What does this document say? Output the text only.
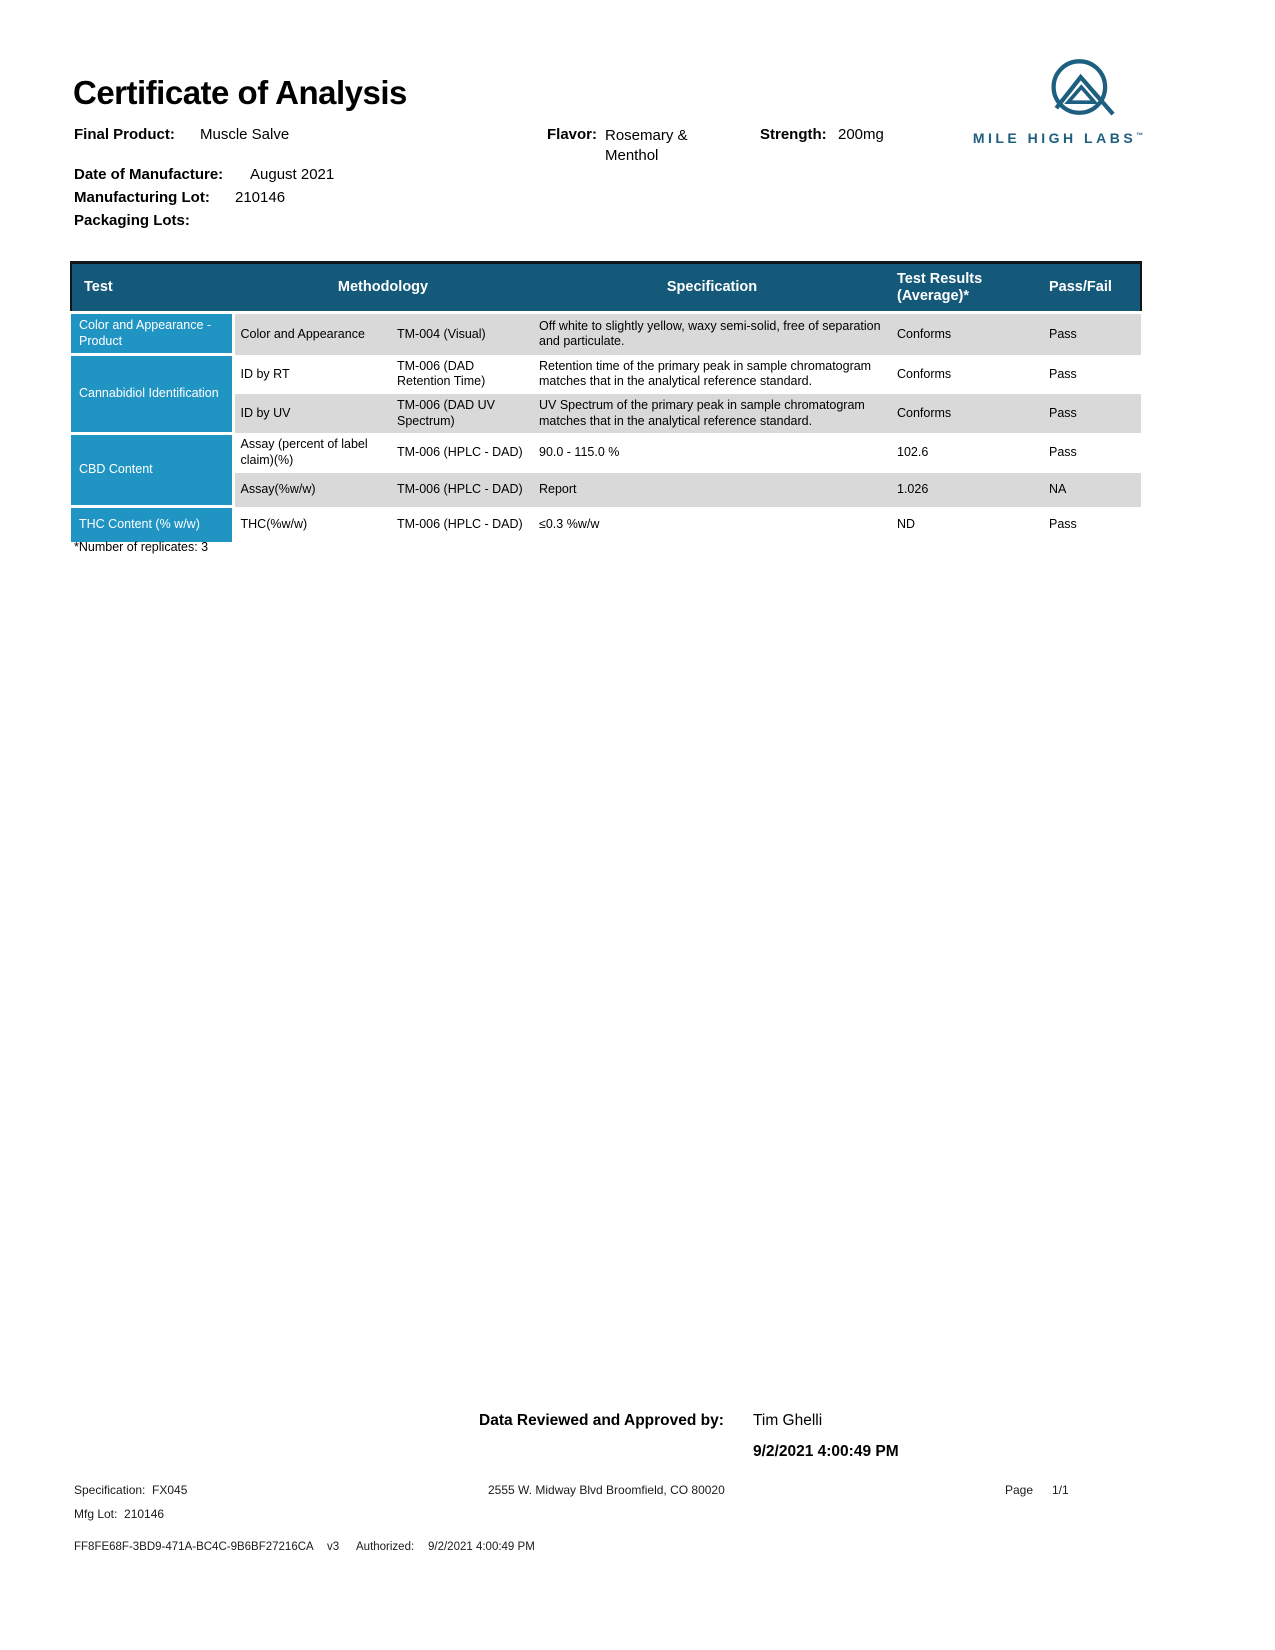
Certificate of Analysis
Final Product: Muscle Salve	Flavor: Rosemary & Menthol
Strength: 200mg
Date of Manufacture: August 2021
Manufacturing Lot: 210146
Packaging Lots:
MILE HIGH LABS™
Test	Methodology		Specification	Test Results (Average)*	Pass/Fail
Color and Appearance - Product	Color and Appearance	TM-004 (Visual)	Off white to slightly yellow, waxy semi-solid, free of separation and particulate.	Conforms	Pass
Cannabidiol Identification	ID by RT	TM-006 (DAD Retention Time)	Retention time of the primary peak in sample chromatogram matches that in the analytical reference standard.	Conforms	Pass
	ID by UV	TM-006 (DAD UV Spectrum)	UV Spectrum of the primary peak in sample chromatogram matches that in the analytical reference standard.	Conforms	Pass
CBD Content	Assay (percent of label claim)(%)	TM-006 (HPLC - DAD)	90.0 - 115.0 %	102.6	Pass
	Assay(%w/w)	TM-006 (HPLC - DAD)	Report	1.026	NA
THC Content (% w/w)	THC(%w/w)	TM-006 (HPLC - DAD)	≤0.3 %w/w	ND	Pass
*Number of replicates: 3
Data Reviewed and Approved by: Tim Ghelli
9/2/2021 4:00:49 PM
Specification: FX045	2555 W. Midway Blvd Broomfield, CO 80020	Page 1/1
Mfg Lot: 210146
FF8FE68F-3BD9-471A-BC4C-9B6BF27216CA v3 Authorized: 9/2/2021 4:00:49 PM
